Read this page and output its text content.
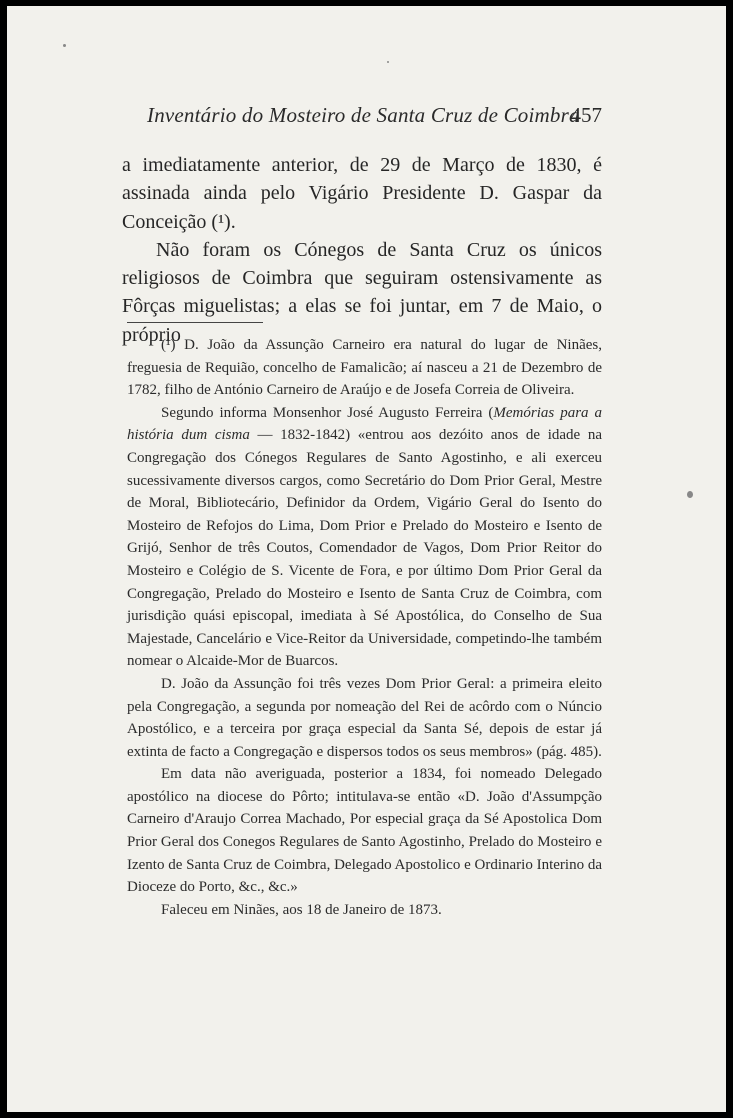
Inventário do Mosteiro de Santa Cruz de Coimbra
457

a imediatamente anterior, de 29 de Março de 1830, é assinada ainda pelo Vigário Presidente D. Gaspar da Conceição (¹).

Não foram os Cónegos de Santa Cruz os únicos religiosos de Coimbra que seguiram ostensivamente as Fôrças miguelistas; a elas se foi juntar, em 7 de Maio, o próprio

(¹) D. João da Assunção Carneiro era natural do lugar de Ninães, freguesia de Requião, concelho de Famalicão; aí nasceu a 21 de Dezembro de 1782, filho de António Carneiro de Araújo e de Josefa Correia de Oliveira.

Segundo informa Monsenhor José Augusto Ferreira (Memórias para a história dum cisma — 1832-1842) «entrou aos dezóito anos de idade na Congregação dos Cónegos Regulares de Santo Agostinho, e ali exerceu sucessivamente diversos cargos, como Secretário do Dom Prior Geral, Mestre de Moral, Bibliotecário, Definidor da Ordem, Vigário Geral do Isento do Mosteiro de Refojos do Lima, Dom Prior e Prelado do Mosteiro e Isento de Grijó, Senhor de três Coutos, Comendador de Vagos, Dom Prior Reitor do Mosteiro e Colégio de S. Vicente de Fora, e por último Dom Prior Geral da Congregação, Prelado do Mosteiro e Isento de Santa Cruz de Coimbra, com jurisdição quási episcopal, imediata à Sé Apostólica, do Conselho de Sua Majestade, Cancelário e Vice-Reitor da Universidade, competindo-lhe também nomear o Alcaide-Mor de Buarcos.

D. João da Assunção foi três vezes Dom Prior Geral: a primeira eleito pela Congregação, a segunda por nomeação del Rei de acôrdo com o Núncio Apostólico, e a terceira por graça especial da Santa Sé, depois de estar já extinta de facto a Congregação e dispersos todos os seus membros» (pág. 485).

Em data não averiguada, posterior a 1834, foi nomeado Delegado apostólico na diocese do Pôrto; intitulava-se então «D. João d'Assumpção Carneiro d'Araujo Correa Machado, Por especial graça da Sé Apostolica Dom Prior Geral dos Conegos Regulares de Santo Agostinho, Prelado do Mosteiro e Izento de Santa Cruz de Coimbra, Delegado Apostolico e Ordinario Interino da Dioceze do Porto, &c., &c.»

Faleceu em Ninães, aos 18 de Janeiro de 1873.
